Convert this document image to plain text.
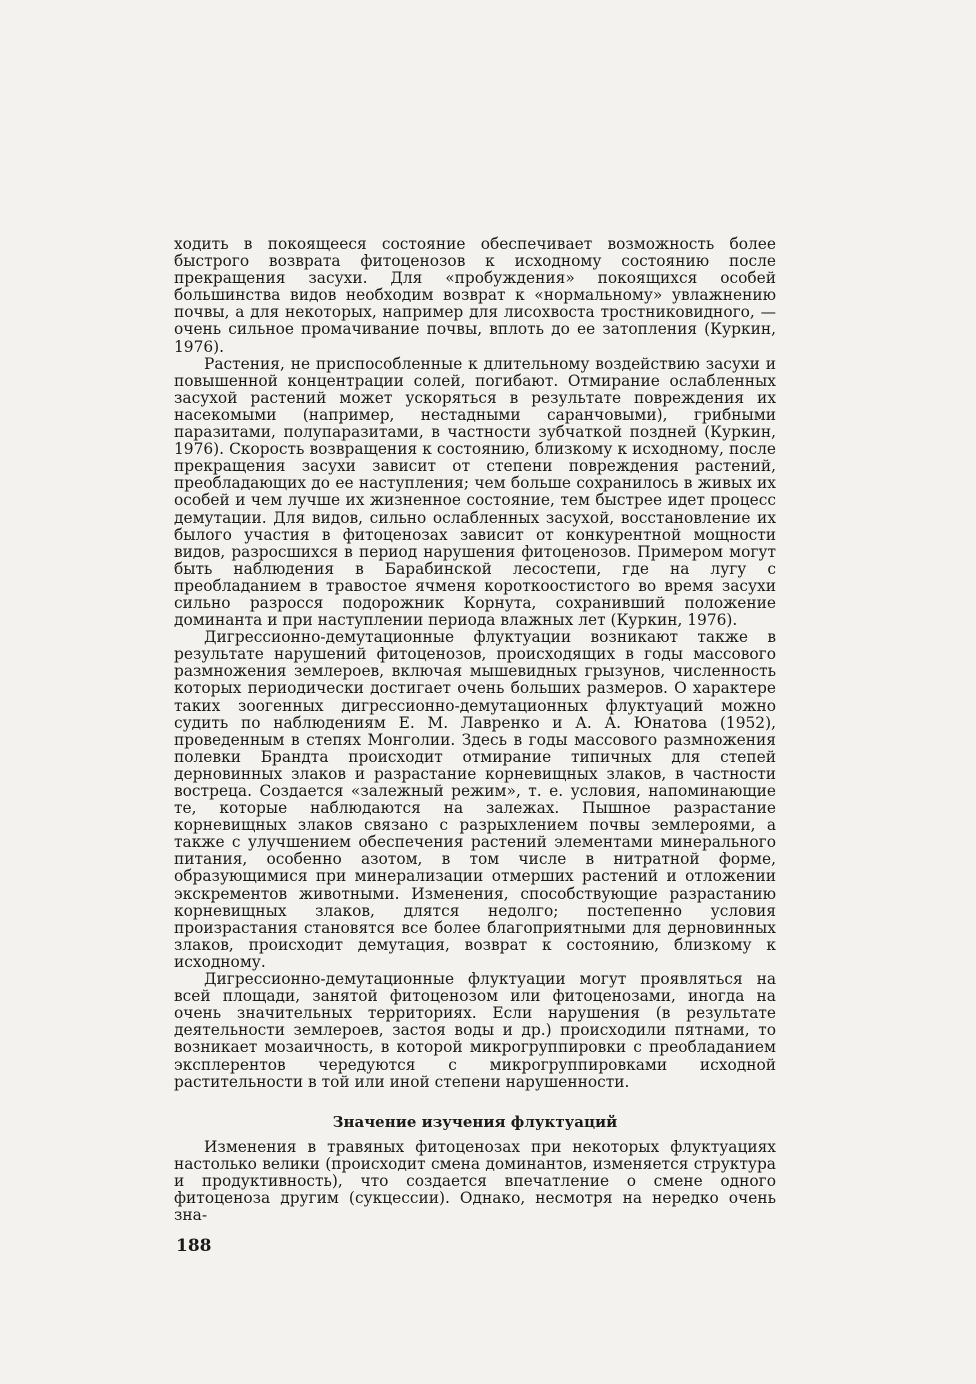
ходить в покоящееся состояние обеспечивает возможность более быстрого возврата фитоценозов к исходному состоянию после прекращения засухи. Для «пробуждения» покоящихся особей большинства видов необходим возврат к «нормальному» увлажнению почвы, а для некоторых, например для лисохвоста тростниковидного, — очень сильное промачивание почвы, вплоть до ее затопления (Куркин, 1976).

Растения, не приспособленные к длительному воздействию засухи и повышенной концентрации солей, погибают. Отмирание ослабленных засухой растений может ускоряться в результате повреждения их насекомыми (например, нестадными саранчовыми), грибными паразитами, полупаразитами, в частности зубчаткой поздней (Куркин, 1976). Скорость возвращения к состоянию, близкому к исходному, после прекращения засухи зависит от степени повреждения растений, преобладающих до ее наступления; чем больше сохранилось в живых их особей и чем лучше их жизненное состояние, тем быстрее идет процесс демутации. Для видов, сильно ослабленных засухой, восстановление их былого участия в фитоценозах зависит от конкурентной мощности видов, разросшихся в период нарушения фитоценозов. Примером могут быть наблюдения в Барабинской лесостепи, где на лугу с преобладанием в травостое ячменя короткоостистого во время засухи сильно разросся подорожник Корнута, сохранивший положение доминанта и при наступлении периода влажных лет (Куркин, 1976).

Дигрессионно-демутационные флуктуации возникают также в результате нарушений фитоценозов, происходящих в годы массового размножения землероев, включая мышевидных грызунов, численность которых периодически достигает очень больших размеров. О характере таких зоогенных дигрессионно-демутационных флуктуаций можно судить по наблюдениям Е. М. Лавренко и А. А. Юнатова (1952), проведенным в степях Монголии. Здесь в годы массового размножения полевки Брандта происходит отмирание типичных для степей дерновинных злаков и разрастание корневищных злаков, в частности востреца. Создается «залежный режим», т. е. условия, напоминающие те, которые наблюдаются на залежах. Пышное разрастание корневищных злаков связано с разрыхлением почвы землероями, а также с улучшением обеспечения растений элементами минерального питания, особенно азотом, в том числе в нитратной форме, образующимися при минерализации отмерших растений и отложении экскрементов животными. Изменения, способствующие разрастанию корневищных злаков, длятся недолго; постепенно условия произрастания становятся все более благоприятными для дерновинных злаков, происходит демутация, возврат к состоянию, близкому к исходному.

Дигрессионно-демутационные флуктуации могут проявляться на всей площади, занятой фитоценозом или фитоценозами, иногда на очень значительных территориях. Если нарушения (в результате деятельности землероев, застоя воды и др.) происходили пятнами, то возникает мозаичность, в которой микрогруппировки с преобладанием эксплерентов чередуются с микрогруппировками исходной растительности в той или иной степени нарушенности.

Значение изучения флуктуаций

Изменения в травяных фитоценозах при некоторых флуктуациях настолько велики (происходит смена доминантов, изменяется структура и продуктивность), что создается впечатление о смене одного фитоценоза другим (сукцессии). Однако, несмотря на нередко очень зна-

188
